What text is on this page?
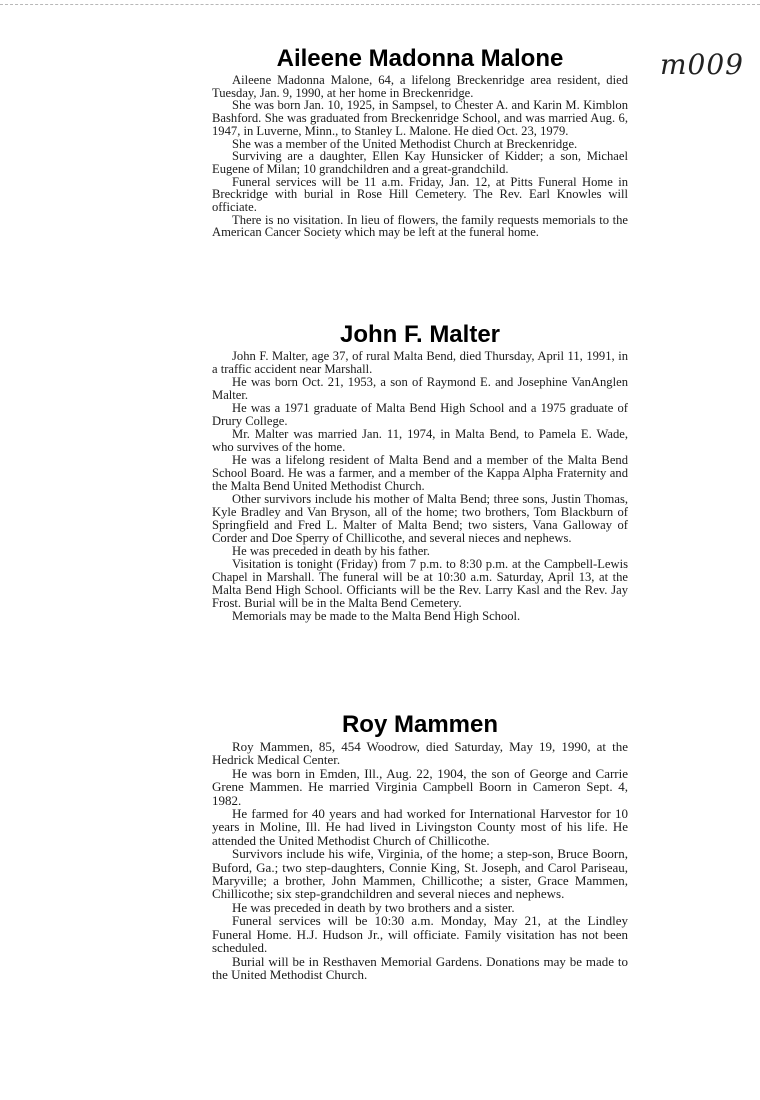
m009
Aileene Madonna Malone

Aileene Madonna Malone, 64, a lifelong Breckenridge area resident, died Tuesday, Jan. 9, 1990, at her home in Breckenridge.

She was born Jan. 10, 1925, in Sampsel, to Chester A. and Karin M. Kimblon Bashford. She was graduated from Breckenridge School, and was married Aug. 6, 1947, in Luverne, Minn., to Stanley L. Malone. He died Oct. 23, 1979.

She was a member of the United Methodist Church at Breckenridge.

Surviving are a daughter, Ellen Kay Hunsicker of Kidder; a son, Michael Eugene of Milan; 10 grandchildren and a great-grandchild.

Funeral services will be 11 a.m. Friday, Jan. 12, at Pitts Funeral Home in Breckridge with burial in Rose Hill Cemetery. The Rev. Earl Knowles will officiate.

There is no visitation. In lieu of flowers, the family requests memorials to the American Cancer Society which may be left at the funeral home.

John F. Malter

John F. Malter, age 37, of rural Malta Bend, died Thursday, April 11, 1991, in a traffic accident near Marshall.

He was born Oct. 21, 1953, a son of Raymond E. and Josephine VanAnglen Malter.

He was a 1971 graduate of Malta Bend High School and a 1975 graduate of Drury College.

Mr. Malter was married Jan. 11, 1974, in Malta Bend, to Pamela E. Wade, who survives of the home.

He was a lifelong resident of Malta Bend and a member of the Malta Bend School Board. He was a farmer, and a member of the Kappa Alpha Fraternity and the Malta Bend United Methodist Church.

Other survivors include his mother of Malta Bend; three sons, Justin Thomas, Kyle Bradley and Van Bryson, all of the home; two brothers, Tom Blackburn of Springfield and Fred L. Malter of Malta Bend; two sisters, Vana Galloway of Corder and Doe Sperry of Chillicothe, and several nieces and nephews.

He was preceded in death by his father.

Visitation is tonight (Friday) from 7 p.m. to 8:30 p.m. at the Campbell-Lewis Chapel in Marshall. The funeral will be at 10:30 a.m. Saturday, April 13, at the Malta Bend High School. Officiants will be the Rev. Larry Kasl and the Rev. Jay Frost. Burial will be in the Malta Bend Cemetery.

Memorials may be made to the Malta Bend High School.

Roy Mammen

Roy Mammen, 85, 454 Woodrow, died Saturday, May 19, 1990, at the Hedrick Medical Center.

He was born in Emden, Ill., Aug. 22, 1904, the son of George and Carrie Grene Mammen. He married Virginia Campbell Boorn in Cameron Sept. 4, 1982.

He farmed for 40 years and had worked for International Harvestor for 10 years in Moline, Ill. He had lived in Livingston County most of his life. He attended the United Methodist Church of Chillicothe.

Survivors include his wife, Virginia, of the home; a step-son, Bruce Boorn, Buford, Ga.; two step-daughters, Connie King, St. Joseph, and Carol Pariseau, Maryville; a brother, John Mammen, Chillicothe; a sister, Grace Mammen, Chillicothe; six step-grandchildren and several nieces and nephews.

He was preceded in death by two brothers and a sister.

Funeral services will be 10:30 a.m. Monday, May 21, at the Lindley Funeral Home. H.J. Hudson Jr., will officiate. Family visitation has not been scheduled.

Burial will be in Resthaven Memorial Gardens. Donations may be made to the United Methodist Church.
